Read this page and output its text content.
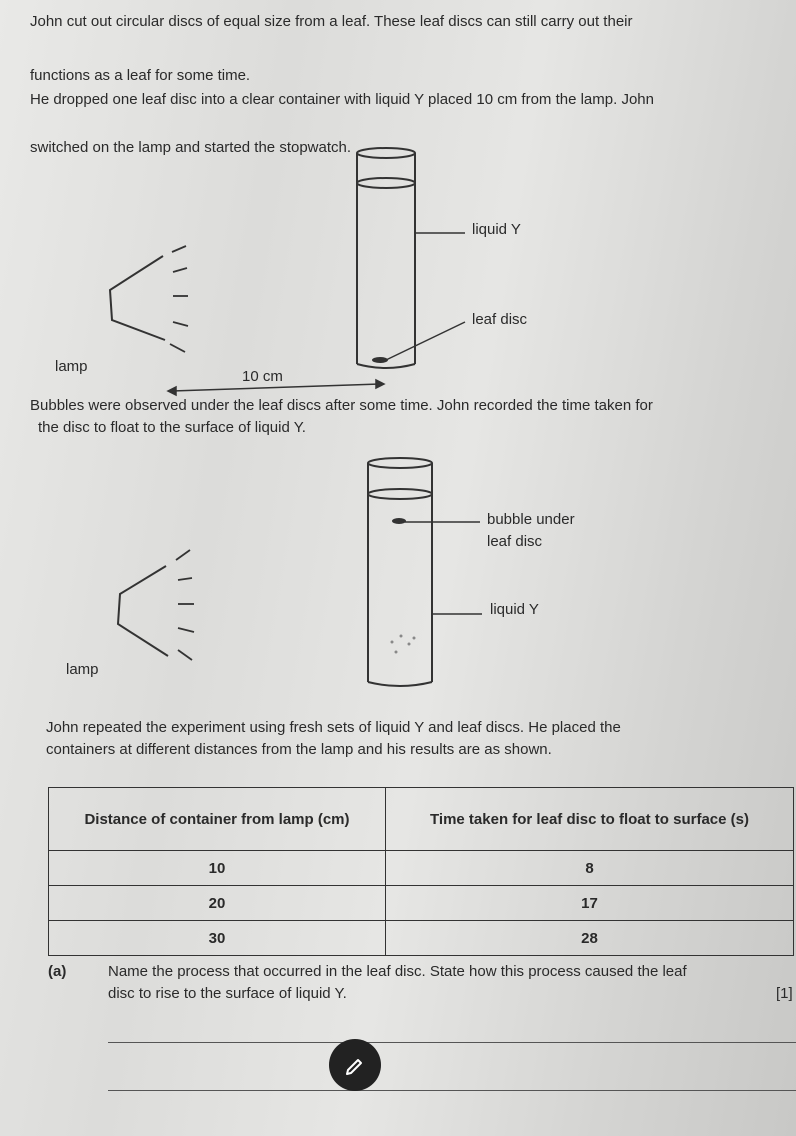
John cut out circular discs of equal size from a leaf. These leaf discs can still carry out their
functions as a leaf for some time.
He dropped one leaf disc into a clear container with liquid Y placed 10 cm from the lamp. John
switched on the lamp and started the stopwatch.
liquid Y
leaf disc
lamp
10 cm
Bubbles were observed under the leaf discs after some time. John recorded the time taken for
the disc to float to the surface of liquid Y.
bubble under
leaf disc
liquid Y
lamp
John repeated the experiment using fresh sets of liquid Y and leaf discs. He placed the
containers at different distances from the lamp and his results are as shown.
Distance of container from lamp (cm)	Time taken for leaf disc to float to surface (s)
10	8
20	17
30	28
(a)	Name the process that occurred in the leaf disc. State how this process caused the leaf
disc to rise to the surface of liquid Y.	[1]
